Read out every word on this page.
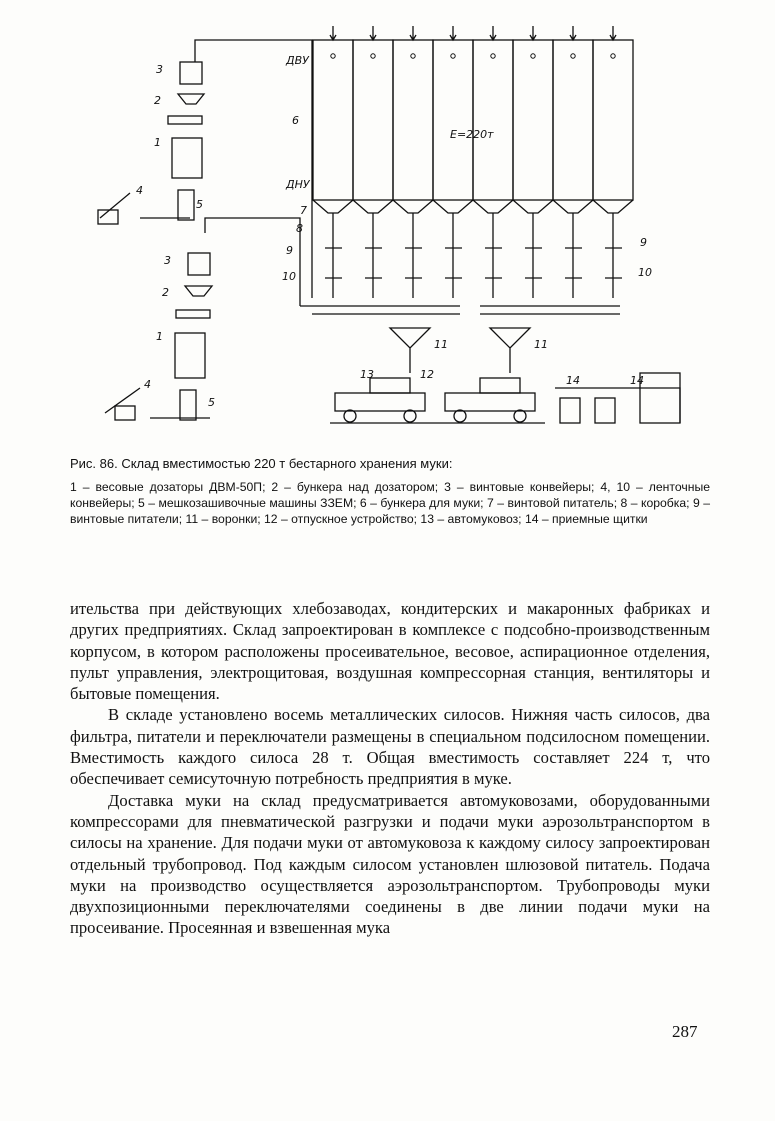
ДВУ
ДНУ
Е=220т
6
7
8
9
10
9
10
11	11
13	12	14	14
3
2
1
4
5
3
2
1
4
5
Рис. 86. Склад вместимостью 220 т бестарного хранения муки:
1 – весовые дозаторы ДВМ-50П; 2 – бункера над дозатором; 3 – винтовые конвейеры; 4, 10 – ленточные конвейеры; 5 – мешкозашивочные машины ЗЗЕМ; 6 – бункера для муки; 7 – винтовой питатель; 8 – коробка; 9 – винтовые питатели; 11 – воронки; 12 – отпускное устройство; 13 – автомуковоз; 14 – приемные щитки

ительства при действующих хлебозаводах, кондитерских и макаронных фабриках и других предприятиях. Склад запроектирован в комплексе с подсобно-производственным корпусом, в котором расположены просеивательное, весовое, аспирационное отделения, пульт управления, электрощитовая, воздушная компрессорная станция, вентиляторы и бытовые помещения.

В складе установлено восемь металлических силосов. Нижняя часть силосов, два фильтра, питатели и переключатели размещены в специальном подсилосном помещении. Вместимость каждого силоса 28 т. Общая вместимость составляет 224 т, что обеспечивает семисуточную потребность предприятия в муке.

Доставка муки на склад предусматривается автомуковозами, оборудованными компрессорами для пневматической разгрузки и подачи муки аэрозольтранспортом в силосы на хранение. Для подачи муки от автомуковоза к каждому силосу запроектирован отдельный трубопровод. Под каждым силосом установлен шлюзовой питатель. Подача муки на производство осуществляется аэрозольтранспортом. Трубопроводы муки двухпозиционными переключателями соединены в две линии подачи муки на просеивание. Просеянная и взвешенная мука

287
